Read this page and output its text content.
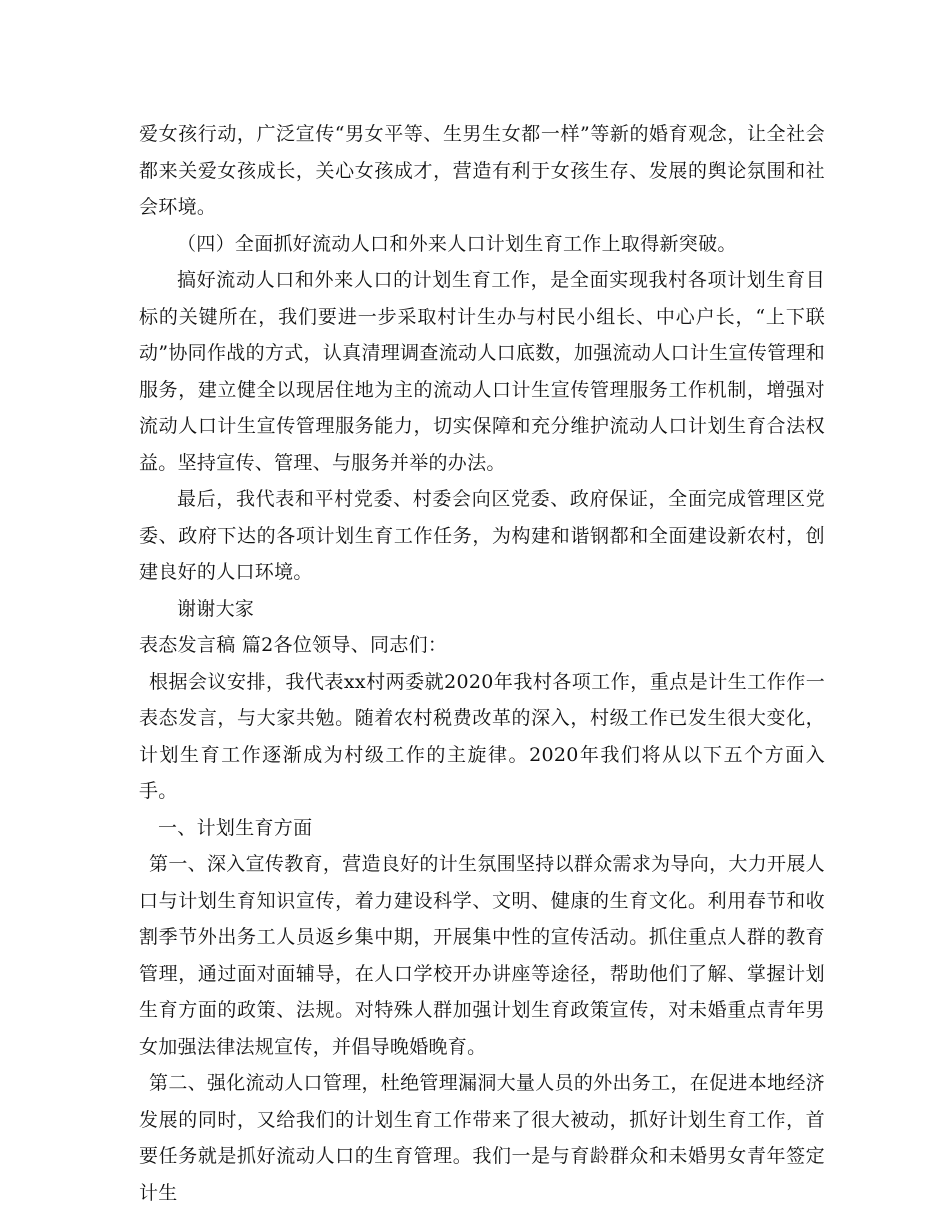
爱女孩行动，广泛宣传“男女平等、生男生女都一样”等新的婚育观念，让全社会都来关爱女孩成长，关心女孩成才，营造有利于女孩生存、发展的舆论氛围和社会环境。

（四）全面抓好流动人口和外来人口计划生育工作上取得新突破。

搞好流动人口和外来人口的计划生育工作，是全面实现我村各项计划生育目标的关键所在，我们要进一步采取村计生办与村民小组长、中心户长，“上下联动”协同作战的方式，认真清理调查流动人口底数，加强流动人口计生宣传管理和服务，建立健全以现居住地为主的流动人口计生宣传管理服务工作机制，增强对流动人口计生宣传管理服务能力，切实保障和充分维护流动人口计划生育合法权益。坚持宣传、管理、与服务并举的办法。

最后，我代表和平村党委、村委会向区党委、政府保证，全面完成管理区党委、政府下达的各项计划生育工作任务，为构建和谐钢都和全面建设新农村，创建良好的人口环境。

谢谢大家

表态发言稿 篇2各位领导、同志们：

根据会议安排，我代表xx村两委就2020年我村各项工作，重点是计生工作作一表态发言，与大家共勉。随着农村税费改革的深入，村级工作已发生很大变化，计划生育工作逐渐成为村级工作的主旋律。2020年我们将从以下五个方面入手。

一、计划生育方面

第一、深入宣传教育，营造良好的计生氛围坚持以群众需求为导向，大力开展人口与计划生育知识宣传，着力建设科学、文明、健康的生育文化。利用春节和收割季节外出务工人员返乡集中期，开展集中性的宣传活动。抓住重点人群的教育管理，通过面对面辅导，在人口学校开办讲座等途径，帮助他们了解、掌握计划生育方面的政策、法规。对特殊人群加强计划生育政策宣传，对未婚重点青年男女加强法律法规宣传，并倡导晚婚晚育。

第二、强化流动人口管理，杜绝管理漏洞大量人员的外出务工，在促进本地经济发展的同时，又给我们的计划生育工作带来了很大被动，抓好计划生育工作，首要任务就是抓好流动人口的生育管理。我们一是与育龄群众和未婚男女青年签定计生
